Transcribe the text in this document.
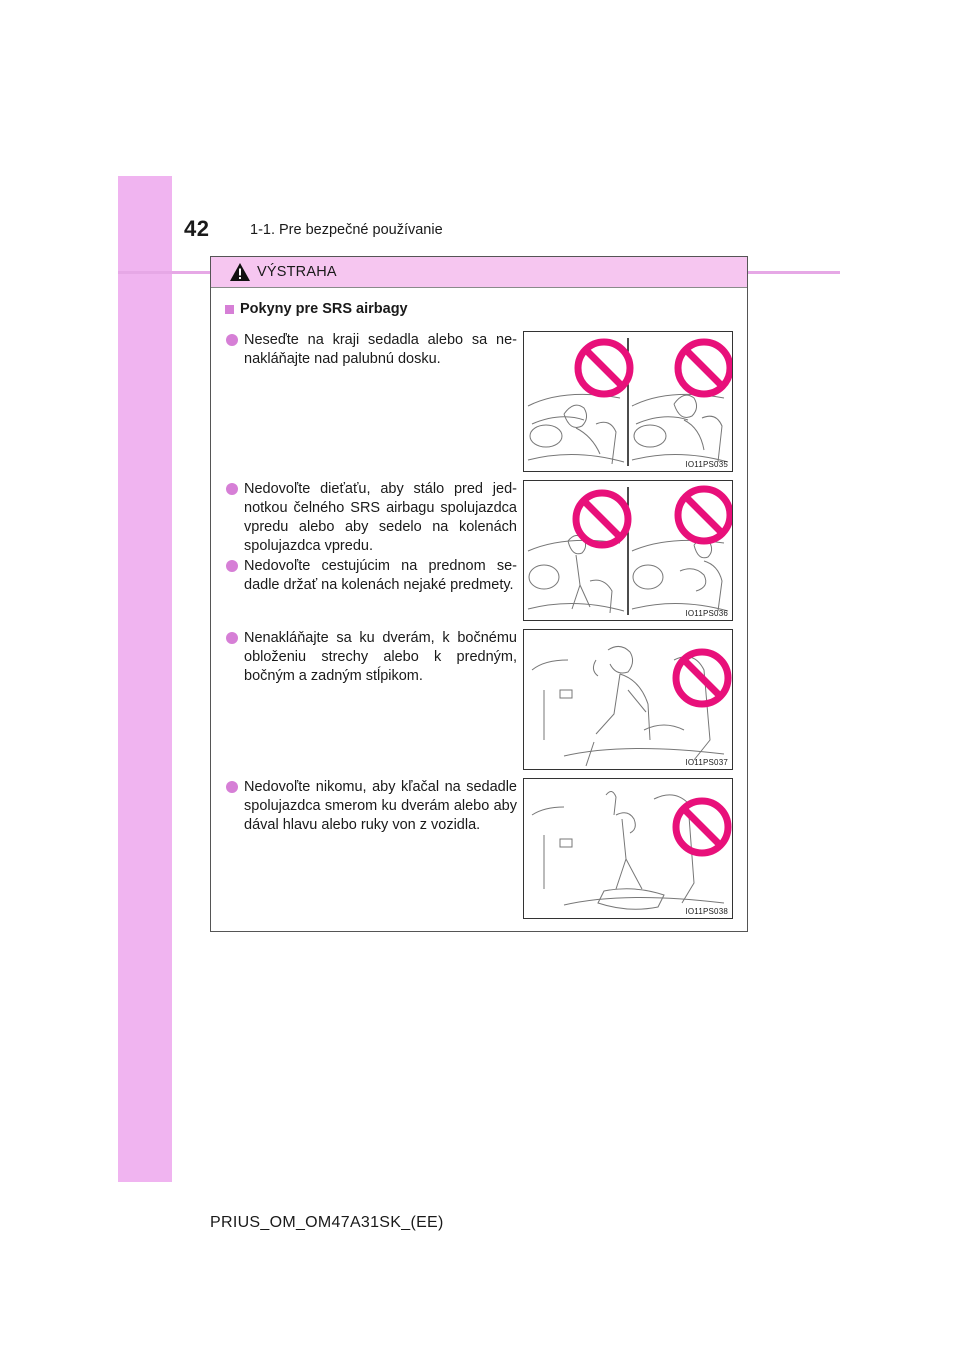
42	1-1. Pre bezpečné používanie
VÝSTRAHA
Pokyny pre SRS airbagy
Neseďte na kraji sedadla alebo sa nenakláňajte nad palubnú dosku.
Nedovoľte dieťaťu, aby stálo pred jednotkou čelného SRS airbagu spolujazdca vpredu alebo aby sedelo na kolenách spolujazdca vpredu.
Nedovoľte cestujúcim na prednom sedadle držať na kolenách nejaké predmety.
Nenakláňajte sa ku dverám, k bočnému obloženiu strechy alebo k predným, bočným a zadným stĺpikom.
Nedovoľte nikomu, aby kľačal na sedadle spolujazdca smerom ku dverám alebo aby dával hlavu alebo ruky von z vozidla.
IO11PS035
IO11PS036
IO11PS037
IO11PS038
PRIUS_OM_OM47A31SK_(EE)
